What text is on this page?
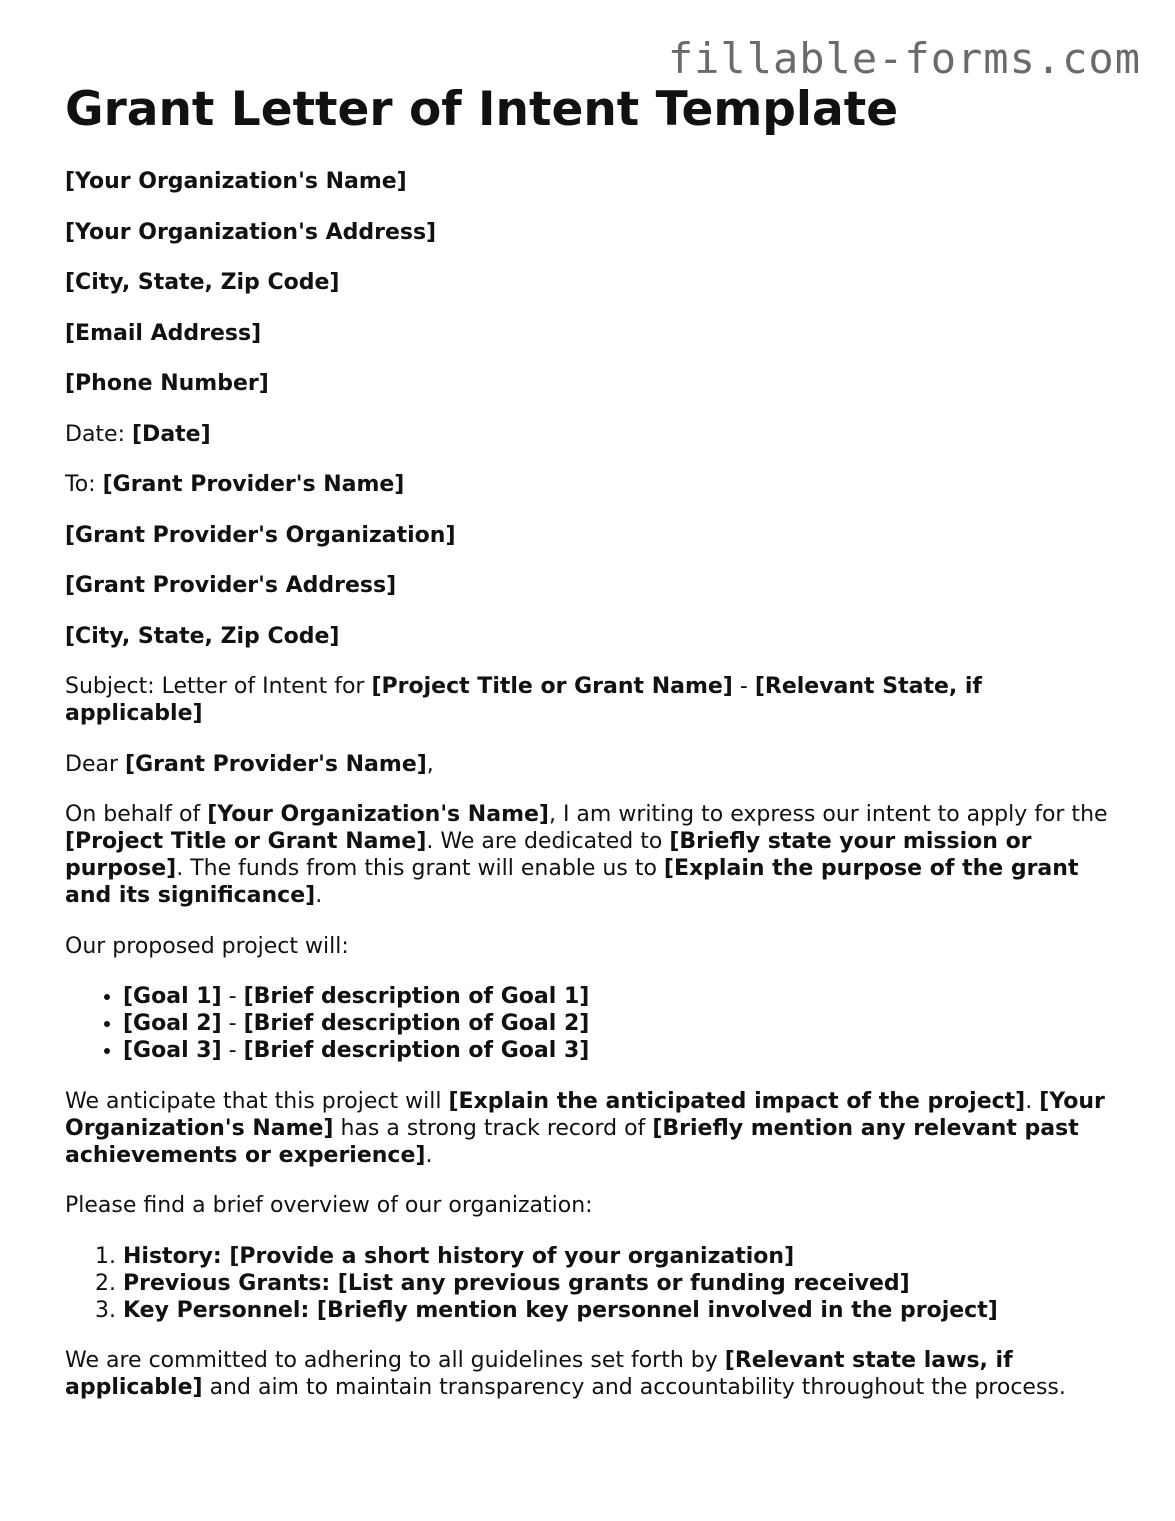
fillable-forms.com
Grant Letter of Intent Template

[Your Organization's Name]

[Your Organization's Address]

[City, State, Zip Code]

[Email Address]

[Phone Number]

Date: [Date]

To: [Grant Provider's Name]

[Grant Provider's Organization]

[Grant Provider's Address]

[City, State, Zip Code]

Subject: Letter of Intent for [Project Title or Grant Name] - [Relevant State, if applicable]

Dear [Grant Provider's Name],

On behalf of [Your Organization's Name], I am writing to express our intent to apply for the [Project Title or Grant Name]. We are dedicated to [Briefly state your mission or purpose]. The funds from this grant will enable us to [Explain the purpose of the grant and its significance].

Our proposed project will:

• [Goal 1] - [Brief description of Goal 1]
• [Goal 2] - [Brief description of Goal 2]
• [Goal 3] - [Brief description of Goal 3]

We anticipate that this project will [Explain the anticipated impact of the project]. [Your Organization's Name] has a strong track record of [Briefly mention any relevant past achievements or experience].

Please find a brief overview of our organization:

1. History: [Provide a short history of your organization]
2. Previous Grants: [List any previous grants or funding received]
3. Key Personnel: [Briefly mention key personnel involved in the project]

We are committed to adhering to all guidelines set forth by [Relevant state laws, if applicable] and aim to maintain transparency and accountability throughout the process.
